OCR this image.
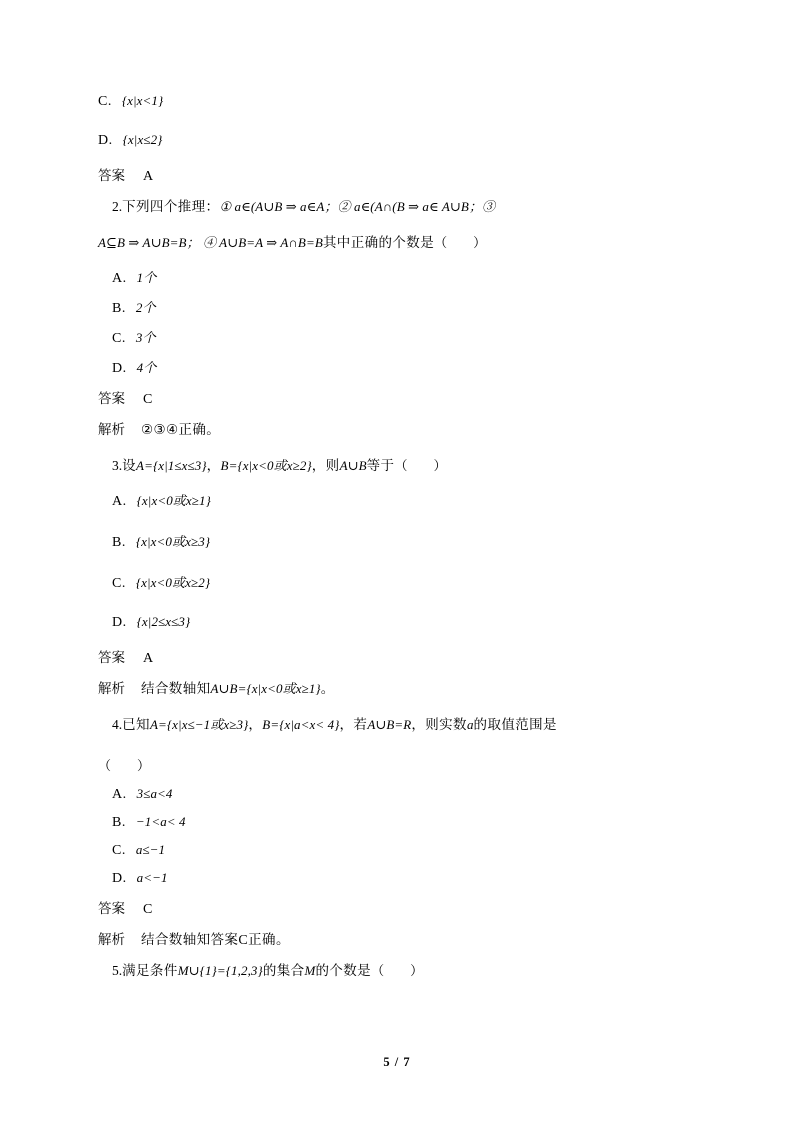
C. {x|x<1}
D. {x|x≤2}
答案 A
2.下列四个推理：① a∈(A∪B ⇒ a∈A；② a∈(A∩(B ⇒ a∈ A∪B；③
A⊆B ⇒ A∪B=B； ④ A∪B=A ⇒ A∩B=B其中正确的个数是（　　）
A. 1个
B. 2个
C. 3个
D. 4个
答案 C
解析 ②③④正确。
3.设A={x|1≤x≤3}，B={x|x<0或x≥2}，则A∪B等于（　　）
A. {x|x<0或x≥1}
B. {x|x<0或x≥3}
C. {x|x<0或x≥2}
D. {x|2≤x≤3}
答案 A
解析 结合数轴知A∪B={x|x<0或x≥1}。
4.已知A={x|x≤−1或x≥3}，B={x|a<x< 4}，若A∪B=R，则实数a的取值范围是
（　　）
A. 3≤a<4
B. −1<a< 4
C. a≤−1
D. a<−1
答案 C
解析 结合数轴知答案C正确。
5.满足条件M∪{1}={1,2,3}的集合M的个数是（　　）
5 / 7
